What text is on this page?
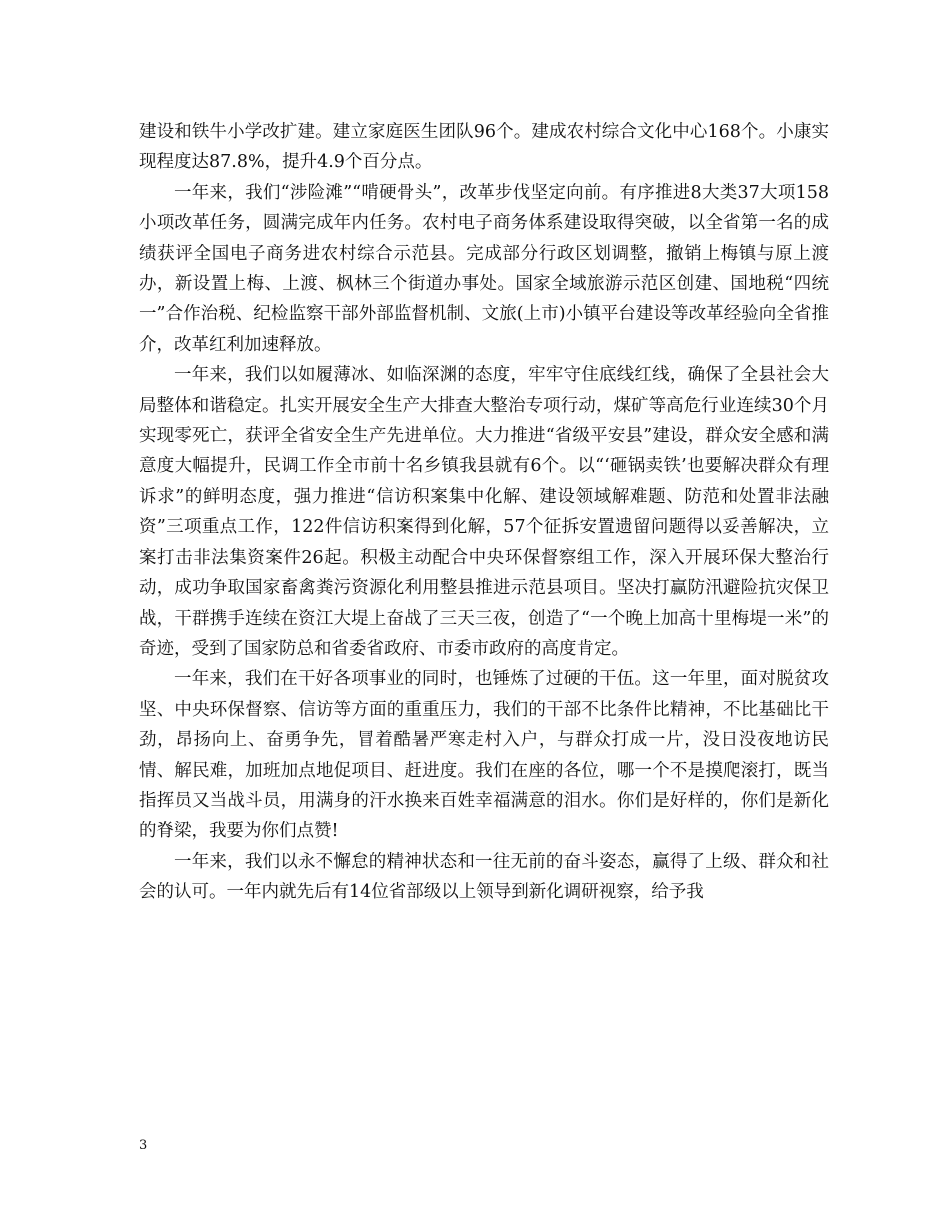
建设和铁牛小学改扩建。建立家庭医生团队96个。建成农村综合文化中心168个。小康实现程度达87.8%，提升4.9个百分点。

一年来，我们“涉险滩”“啃硬骨头”，改革步伐坚定向前。有序推进8大类37大项158小项改革任务，圆满完成年内任务。农村电子商务体系建设取得突破，以全省第一名的成绩获评全国电子商务进农村综合示范县。完成部分行政区划调整，撤销上梅镇与原上渡办，新设置上梅、上渡、枫林三个街道办事处。国家全域旅游示范区创建、国地税“四统一”合作治税、纪检监察干部外部监督机制、文旅(上市)小镇平台建设等改革经验向全省推介，改革红利加速释放。

一年来，我们以如履薄冰、如临深渊的态度，牢牢守住底线红线，确保了全县社会大局整体和谐稳定。扎实开展安全生产大排查大整治专项行动，煤矿等高危行业连续30个月实现零死亡，获评全省安全生产先进单位。大力推进“省级平安县”建设，群众安全感和满意度大幅提升，民调工作全市前十名乡镇我县就有6个。以“‘砸锅卖铁’也要解决群众有理诉求”的鲜明态度，强力推进“信访积案集中化解、建设领域解难题、防范和处置非法融资”三项重点工作，122件信访积案得到化解，57个征拆安置遗留问题得以妥善解决，立案打击非法集资案件26起。积极主动配合中央环保督察组工作，深入开展环保大整治行动，成功争取国家畜禽粪污资源化利用整县推进示范县项目。坚决打赢防汛避险抗灾保卫战，干群携手连续在资江大堤上奋战了三天三夜，创造了“一个晚上加高十里梅堤一米”的奇迹，受到了国家防总和省委省政府、市委市政府的高度肯定。

一年来，我们在干好各项事业的同时，也锤炼了过硬的干伍。这一年里，面对脱贫攻坚、中央环保督察、信访等方面的重重压力，我们的干部不比条件比精神，不比基础比干劲，昂扬向上、奋勇争先，冒着酷暑严寒走村入户，与群众打成一片，没日没夜地访民情、解民难，加班加点地促项目、赶进度。我们在座的各位，哪一个不是摸爬滚打，既当指挥员又当战斗员，用满身的汗水换来百姓幸福满意的泪水。你们是好样的，你们是新化的脊梁，我要为你们点赞!

一年来，我们以永不懈怠的精神状态和一往无前的奋斗姿态，赢得了上级、群众和社会的认可。一年内就先后有14位省部级以上领导到新化调研视察，给予我

3
